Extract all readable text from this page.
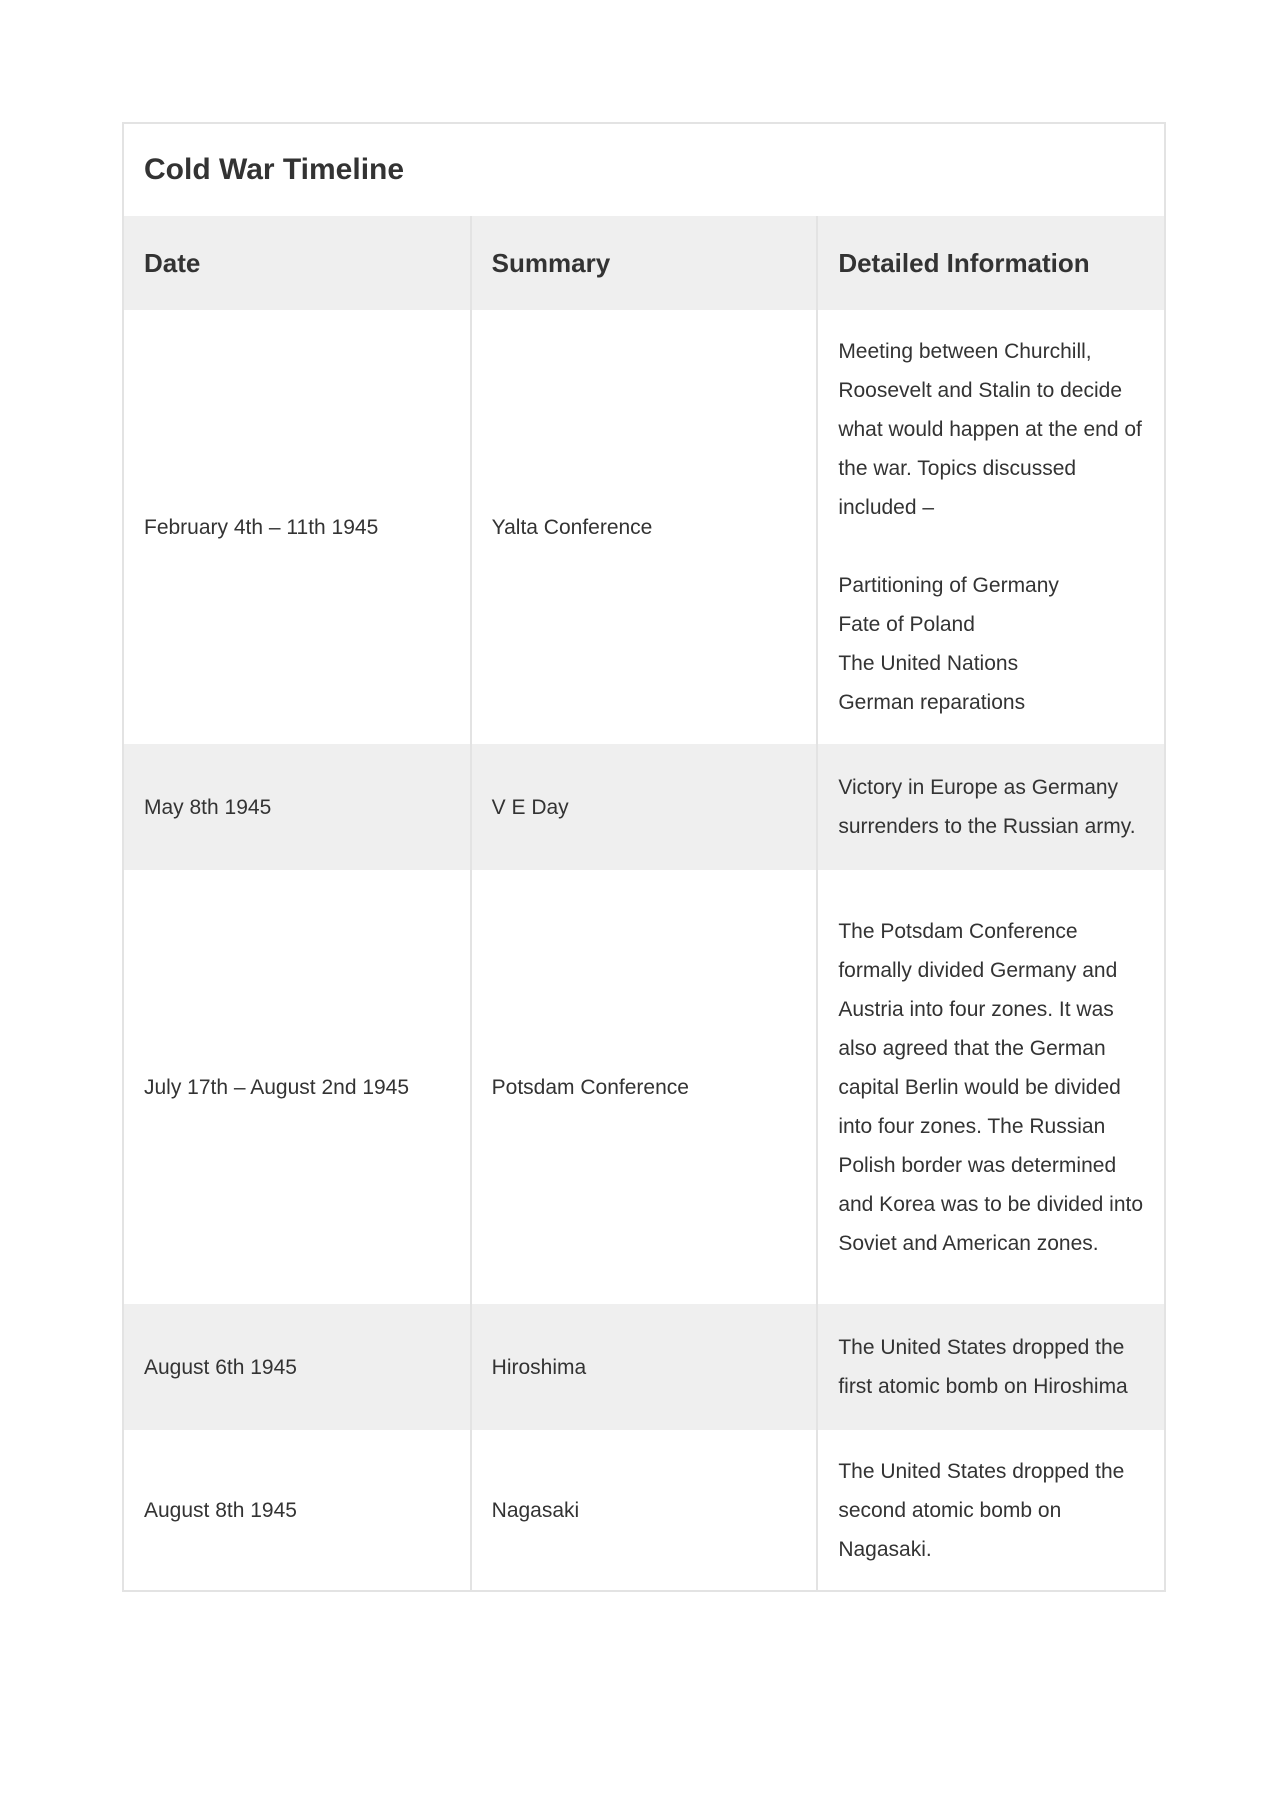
Cold War Timeline
Date	Summary	Detailed Information
February 4th – 11th 1945	Yalta Conference	Meeting between Churchill, Roosevelt and Stalin to decide what would happen at the end of the war. Topics discussed included –
Partitioning of Germany
Fate of Poland
The United Nations
German reparations

May 8th 1945	V E Day	Victory in Europe as Germany surrenders to the Russian army.
July 17th – August 2nd 1945	Potsdam Conference	The Potsdam Conference formally divided Germany and Austria into four zones. It was also agreed that the German capital Berlin would be divided into four zones. The Russian Polish border was determined and Korea was to be divided into Soviet and American zones.
August 6th 1945	Hiroshima	The United States dropped the first atomic bomb on Hiroshima
August 8th 1945	Nagasaki	The United States dropped the second atomic bomb on Nagasaki.
